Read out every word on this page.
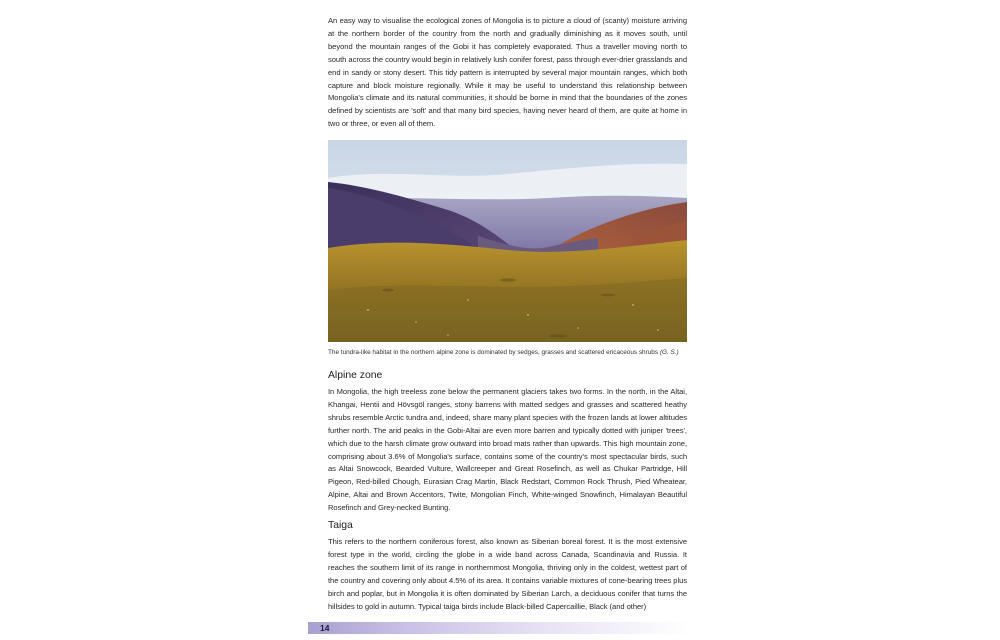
An easy way to visualise the ecological zones of Mongolia is to picture a cloud of (scanty) moisture arriving at the northern border of the country from the north and gradually diminishing as it moves south, until beyond the mountain ranges of the Gobi it has completely evaporated. Thus a traveller moving north to south across the country would begin in relatively lush conifer forest, pass through ever-drier grasslands and end in sandy or stony desert. This tidy pattern is interrupted by several major mountain ranges, which both capture and block moisture regionally. While it may be useful to understand this relationship between Mongolia's climate and its natural communities, it should be borne in mind that the boundaries of the zones defined by scientists are 'soft' and that many bird species, having never heard of them, are quite at home in two or three, or even all of them.

The tundra-like habitat in the northern alpine zone is dominated by sedges, grasses and scattered ericaceous shrubs (G. S.)

Alpine zone

In Mongolia, the high treeless zone below the permanent glaciers takes two forms. In the north, in the Altai, Khangai, Hentii and Hövsgöl ranges, stony barrens with matted sedges and grasses and scattered heathy shrubs resemble Arctic tundra and, indeed, share many plant species with the frozen lands at lower altitudes further north. The arid peaks in the Gobi-Altai are even more barren and typically dotted with juniper 'trees', which due to the harsh climate grow outward into broad mats rather than upwards. This high mountain zone, comprising about 3.6% of Mongolia's surface, contains some of the country's most spectacular birds, such as Altai Snowcock, Bearded Vulture, Wallcreeper and Great Rosefinch, as well as Chukar Partridge, Hill Pigeon, Red-billed Chough, Eurasian Crag Martin, Black Redstart, Common Rock Thrush, Pied Wheatear, Alpine, Altai and Brown Accentors, Twite, Mongolian Finch, White-winged Snowfinch, Himalayan Beautiful Rosefinch and Grey-necked Bunting.

Taiga

This refers to the northern coniferous forest, also known as Siberian boreal forest. It is the most extensive forest type in the world, circling the globe in a wide band across Canada, Scandinavia and Russia. It reaches the southern limit of its range in northernmost Mongolia, thriving only in the coldest, wettest part of the country and covering only about 4.5% of its area. It contains variable mixtures of cone-bearing trees plus birch and poplar, but in Mongolia it is often dominated by Siberian Larch, a deciduous conifer that turns the hillsides to gold in autumn. Typical taiga birds include Black-billed Capercaillie, Black (and other)

14
